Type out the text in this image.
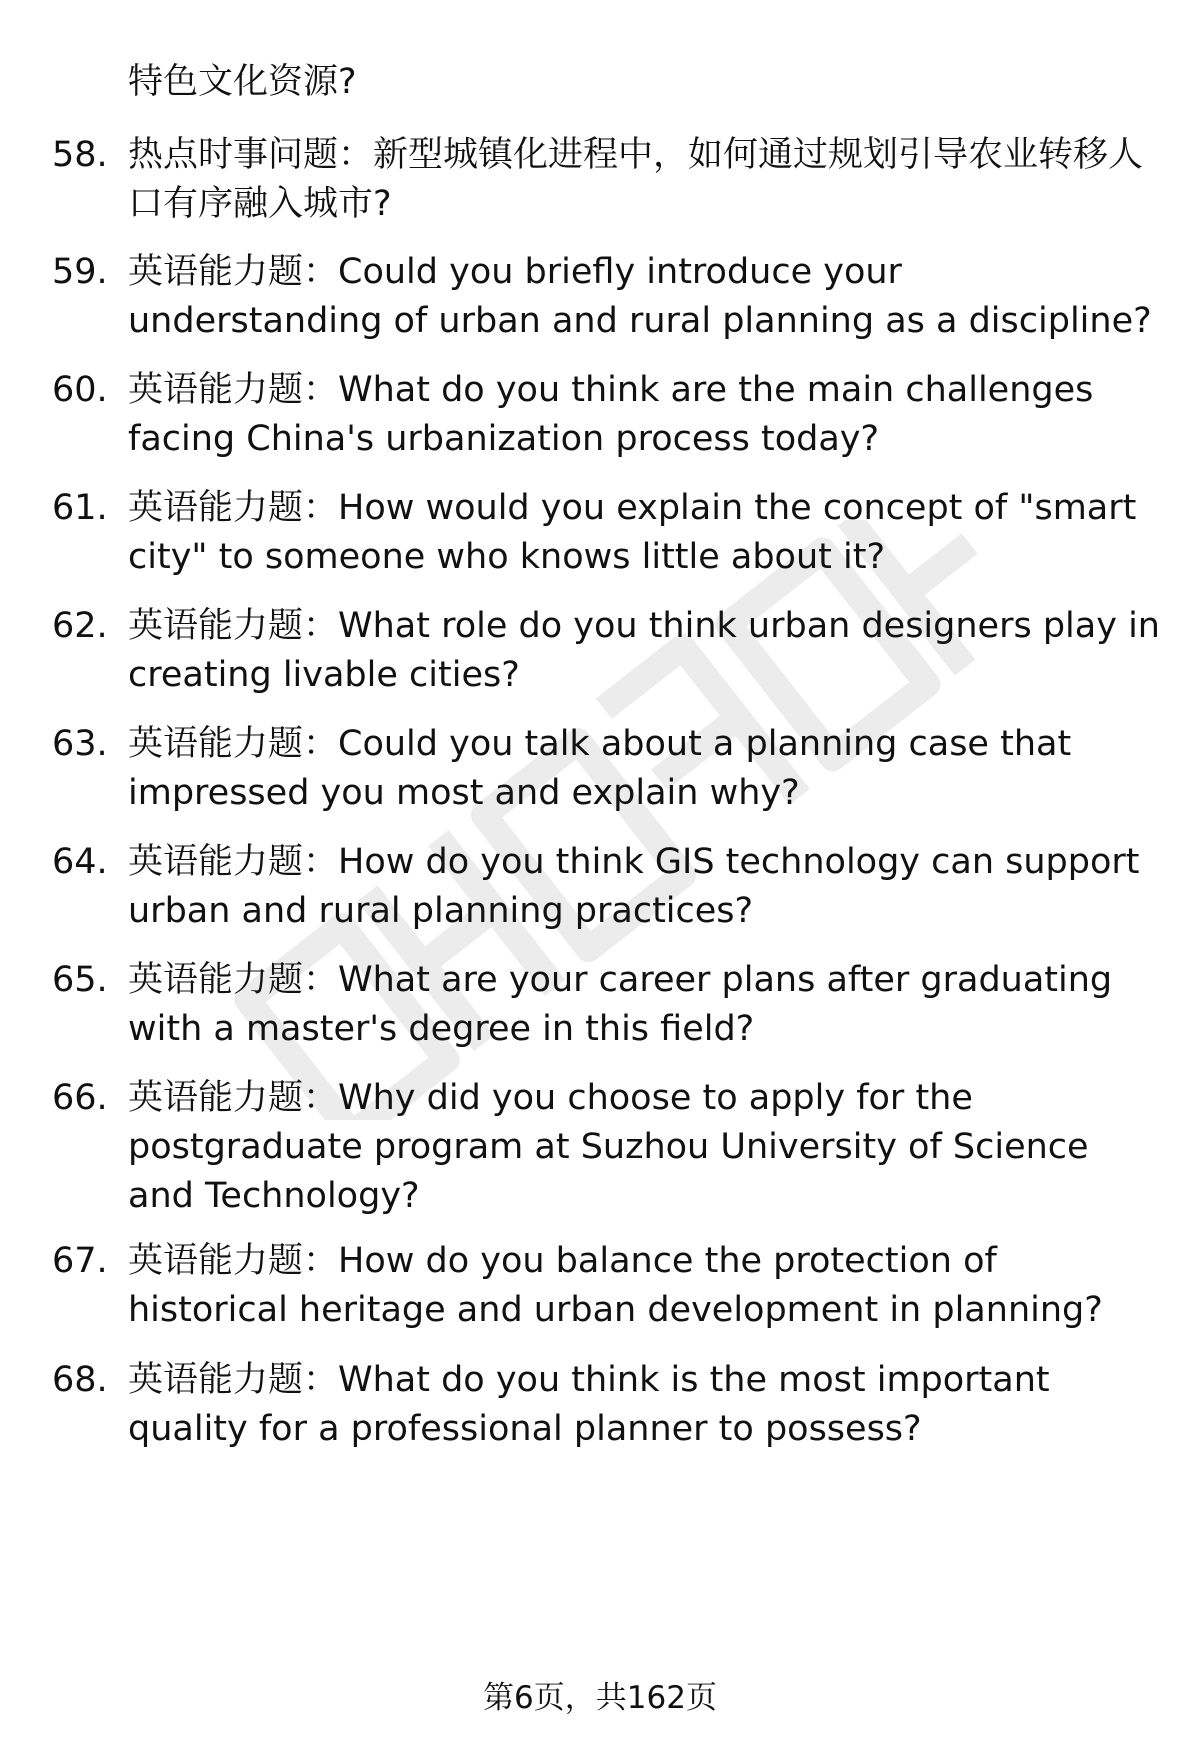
特色文化资源?
58. 热点时事问题：新型城镇化进程中，如何通过规划引导农业转移人口有序融入城市?
59. 英语能力题：Could you briefly introduce your understanding of urban and rural planning as a discipline?
60. 英语能力题：What do you think are the main challenges facing China's urbanization process today?
61. 英语能力题：How would you explain the concept of "smart city" to someone who knows little about it?
62. 英语能力题：What role do you think urban designers play in creating livable cities?
63. 英语能力题：Could you talk about a planning case that impressed you most and explain why?
64. 英语能力题：How do you think GIS technology can support urban and rural planning practices?
65. 英语能力题：What are your career plans after graduating with a master's degree in this field?
66. 英语能力题：Why did you choose to apply for the postgraduate program at Suzhou University of Science and Technology?
67. 英语能力题：How do you balance the protection of historical heritage and urban development in planning?
68. 英语能力题：What do you think is the most important quality for a professional planner to possess?
第6页，共162页
